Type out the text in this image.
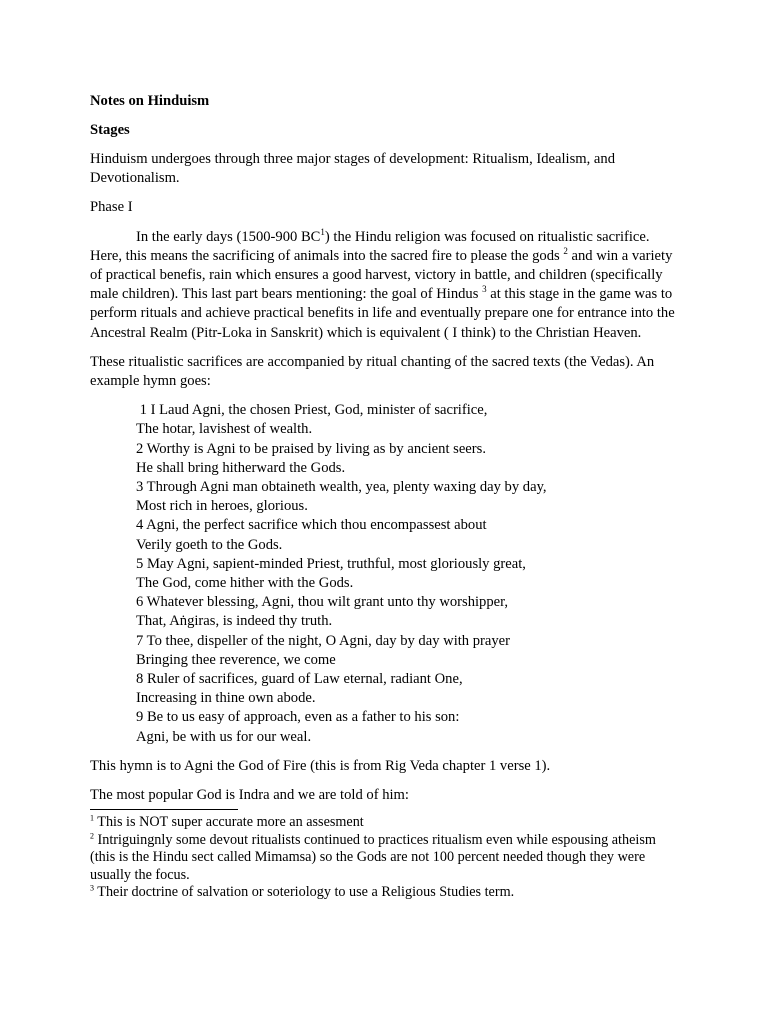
Notes on Hinduism

Stages

Hinduism undergoes through three major stages of development: Ritualism, Idealism, and Devotionalism.

Phase I

In the early days (1500-900 $BC^1$) the Hindu religion was focused on ritualistic sacrifice. Here, this means the sacrificing of animals into the sacred fire to please the gods $^2$ and win a variety of practical benefis, rain which ensures a good harvest, victory in battle, and children (specifically male children). This last part bears mentioning: the goal of Hindus $^3$ at this stage in the game was to perform rituals and achieve practical benefits in life and eventually prepare one for entrance into the Ancestral Realm (Pitr-Loka in Sanskrit) which is equivalent ( I think) to the Christian Heaven.

These ritualistic sacrifices are accompanied by ritual chanting of the sacred texts (the Vedas). An example hymn goes:

1 I Laud Agni, the chosen Priest, God, minister of sacrifice,
The hotar, lavishest of wealth.
2 Worthy is Agni to be praised by living as by ancient seers.
He shall bring hitherward the Gods.
3 Through Agni man obtaineth wealth, yea, plenty waxing day by day,
Most rich in heroes, glorious.
4 Agni, the perfect sacrifice which thou encompassest about
Verily goeth to the Gods.
5 May Agni, sapient-minded Priest, truthful, most gloriously great,
The God, come hither with the Gods.
6 Whatever blessing, Agni, thou wilt grant unto thy worshipper,
That, Aṅgiras, is indeed thy truth.
7 To thee, dispeller of the night, O Agni, day by day with prayer
Bringing thee reverence, we come
8 Ruler of sacrifices, guard of Law eternal, radiant One,
Increasing in thine own abode.
9 Be to us easy of approach, even as a father to his son:
Agni, be with us for our weal.

This hymn is to Agni the God of Fire (this is from Rig Veda chapter 1 verse 1).

The most popular God is Indra and we are told of him:

$^1$ This is NOT super accurate more an assesment

$^2$ Intriguingnly some devout ritualists continued to practices ritualism even while espousing atheism (this is the Hindu sect called Mimamsa) so the Gods are not 100 percent needed though they were usually the focus.

$^3$ Their doctrine of salvation or soteriology to use a Religious Studies term.
